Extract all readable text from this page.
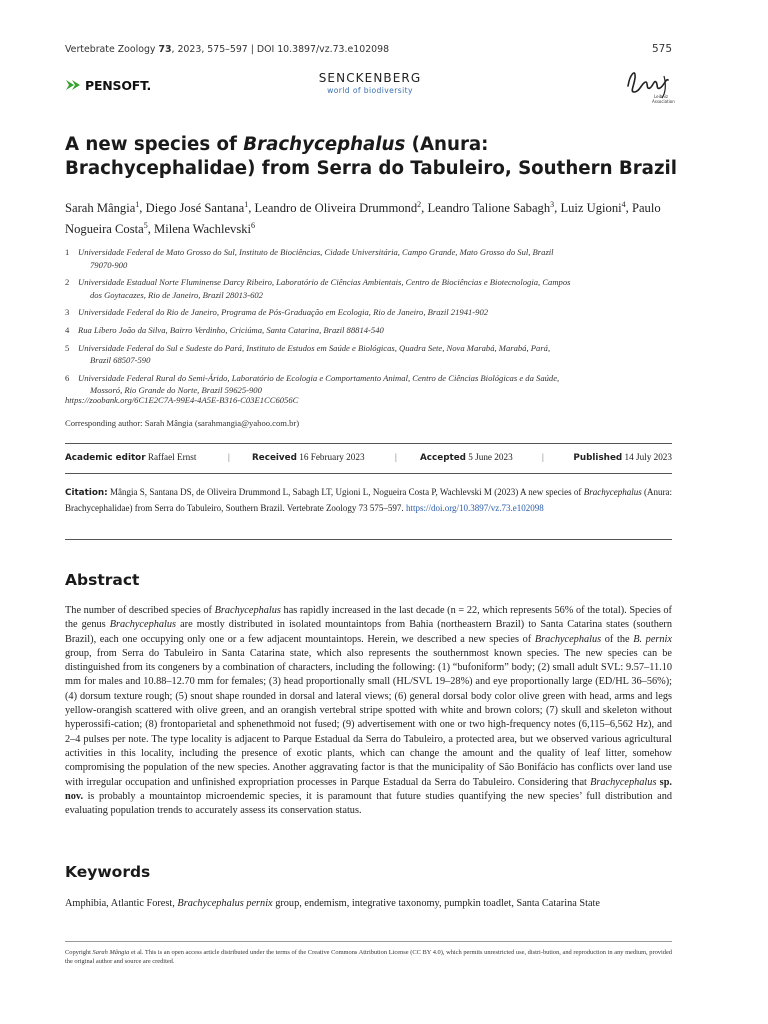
Vertebrate Zoology 73, 2023, 575–597 | DOI 10.3897/vz.73.e102098	575
PENSOFT.	SENCKENBERG
world of biodiversity
Leibniz
Association
A new species of Brachycephalus (Anura: Brachycephalidae) from Serra do Tabuleiro, Southern Brazil
Sarah Mângia$^1$, Diego José Santana$^1$, Leandro de Oliveira Drummond$^2$, Leandro Talione Sabagh$^3$, Luiz Ugioni$^4$, Paulo Nogueira Costa$^5$, Milena Wachlevski$^6$
1 Universidade Federal de Mato Grosso do Sul, Instituto de Biociências, Cidade Universitária, Campo Grande, Mato Grosso do Sul, Brazil
79070-900
2 Universidade Estadual Norte Fluminense Darcy Ribeiro, Laboratório de Ciências Ambientais, Centro de Biociências e Biotecnologia, Campos
dos Goytacazes, Rio de Janeiro, Brazil 28013-602
3 Universidade Federal do Rio de Janeiro, Programa de Pós-Graduação em Ecologia, Rio de Janeiro, Brazil 21941-902
4 Rua Líbero João da Silva, Bairro Verdinho, Criciúma, Santa Catarina, Brazil 88814-540
5 Universidade Federal do Sul e Sudeste do Pará, Instituto de Estudos em Saúde e Biológicas, Quadra Sete, Nova Marabá, Marabá, Pará,
Brazil 68507-590
6 Universidade Federal Rural do Semi-Árido, Laboratório de Ecologia e Comportamento Animal, Centro de Ciências Biológicas e da Saúde,
Mossoró, Rio Grande do Norte, Brazil 59625-900
https://zoobank.org/6C1E2C7A-99E4-4A5E-B316-C03E1CC6056C
Corresponding author: Sarah Mângia (sarahmangia@yahoo.com.br)
Academic editor Raffael Ernst	|	Received 16 February 2023	|	Accepted 5 June 2023	|	Published 14 July 2023
Citation: Mângia S, Santana DS, de Oliveira Drummond L, Sabagh LT, Ugioni L, Nogueira Costa P, Wachlevski M (2023) A new species of Brachycephalus (Anura: Brachycephalidae) from Serra do Tabuleiro, Southern Brazil. Vertebrate Zoology 73 575–597. https://doi.org/10.3897/vz.73.e102098
Abstract

The number of described species of Brachycephalus has rapidly increased in the last decade (n = 22, which represents 56% of the total). Species of the genus Brachycephalus are mostly distributed in isolated mountaintops from Bahia (northeastern Brazil) to Santa Catarina states (southern Brazil), each one occupying only one or a few adjacent mountaintops. Herein, we described a new species of Brachycephalus of the B. pernix group, from Serra do Tabuleiro in Santa Catarina state, which also represents the southernmost known species. The new species can be distinguished from its congeners by a combination of characters, including the following: (1) “bufoniform” body; (2) small adult SVL: 9.57–11.10 mm for males and 10.88–12.70 mm for females; (3) head proportionally small (HL/SVL 19–28%) and eye proportionally large (ED/HL 36–56%); (4) dorsum texture rough; (5) snout shape rounded in dorsal and lateral views; (6) general dorsal body color olive green with head, arms and legs yellow-orangish scattered with olive green, and an orangish vertebral stripe spotted with white and brown colors; (7) skull and skeleton without hyperossifi-cation; (8) frontoparietal and sphenethmoid not fused; (9) advertisement with one or two high-frequency notes (6,115–6,562 Hz), and 2–4 pulses per note. The type locality is adjacent to Parque Estadual da Serra do Tabuleiro, a protected area, but we observed various agricultural activities in this locality, including the presence of exotic plants, which can change the amount and the quality of leaf litter, somehow compromising the population of the new species. Another aggravating factor is that the municipality of São Bonifácio has conflicts over land use with irregular occupation and unfinished expropriation processes in Parque Estadual da Serra do Tabuleiro. Considering that Brachycephalus sp. nov. is probably a mountaintop microendemic species, it is paramount that future studies quantifying the new species’ full distribution and evaluating population trends to accurately assess its conservation status.

Keywords

Amphibia, Atlantic Forest, Brachycephalus pernix group, endemism, integrative taxonomy, pumpkin toadlet, Santa Catarina State

Copyright Sarah Mângia et al. This is an open access article distributed under the terms of the Creative Commons Attribution License (CC BY 4.0), which permits unrestricted use, distri-bution, and reproduction in any medium, provided the original author and source are credited.
